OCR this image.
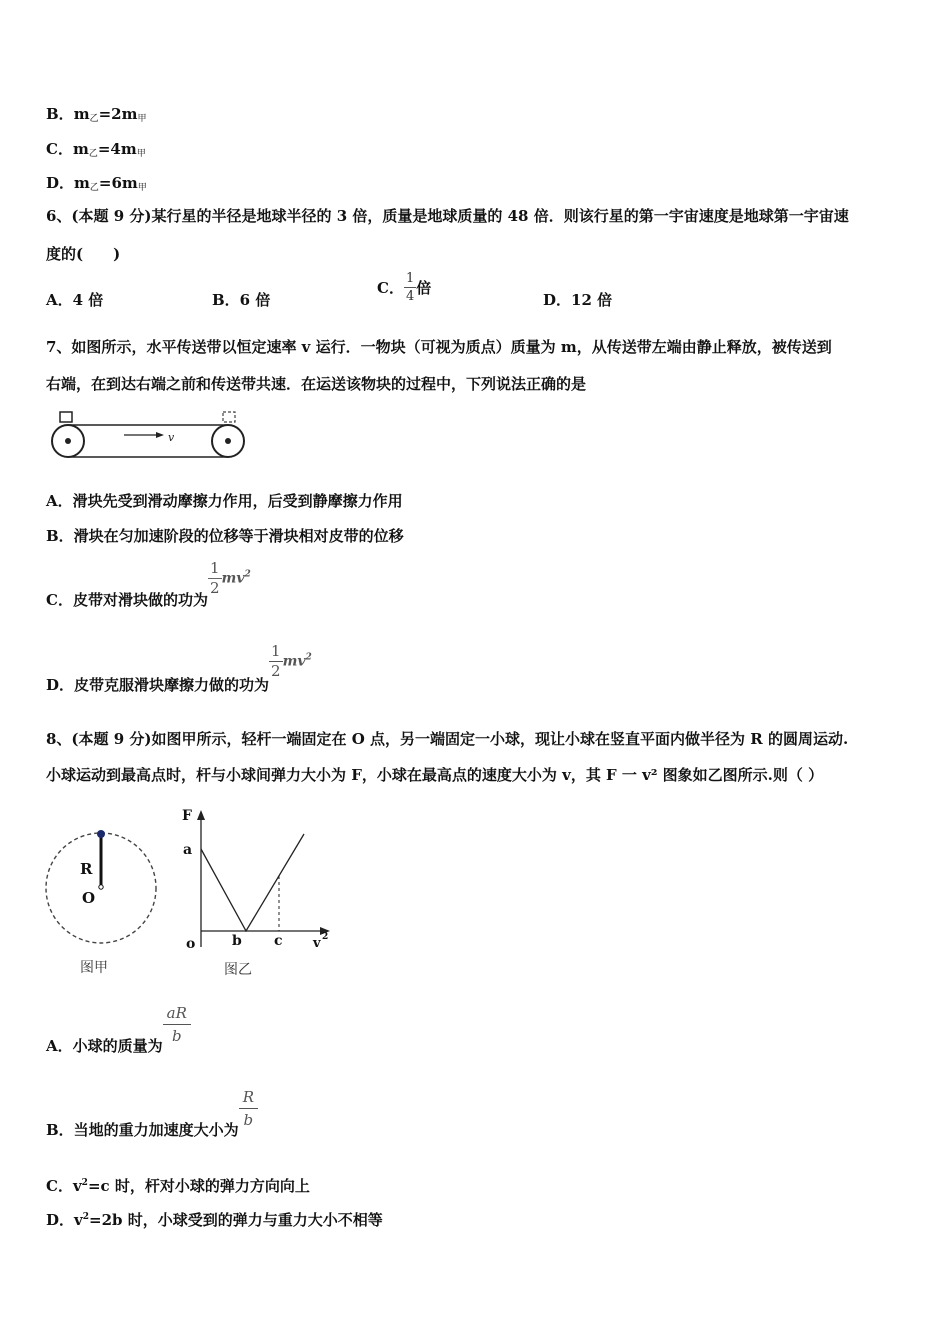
B．$m_乙=2m_甲$
C．$m_乙=4m_甲$
D．$m_乙=6m_甲$
6、(本题 9 分)某行星的半径是地球半径的 3 倍，质量是地球质量的 48 倍．则该行星的第一宇宙速度是地球第一宇宙速
度的(　　)
A．4 倍	B．6 倍
C． $\frac{1}{4}$ 倍
D．12 倍
7、如图所示，水平传送带以恒定速率 v 运行．一物块（可视为质点）质量为 m，从传送带左端由静止释放，被传送到
右端，在到达右端之前和传送带共速．在运送该物块的过程中，下列说法正确的是
v
A．滑块先受到滑动摩擦力作用，后受到静摩擦力作用
B．滑块在匀加速阶段的位移等于滑块相对皮带的位移
C．皮带对滑块做的功为
$\frac{1}{2} mv^2$
D．皮带克服滑块摩擦力做的功为
$\frac{1}{2} mv^2$
8、(本题 9 分)如图甲所示，轻杆一端固定在 O 点，另一端固定一小球，现让小球在竖直平面内做半径为 R 的圆周运动.
小球运动到最高点时，杆与小球间弹力大小为 F，小球在最高点的速度大小为 v，其 F 一 v² 图象如乙图所示.则（ ）
R
O
图甲
F
a
o	b c v 2
图乙
A．小球的质量为
$\frac{aR}{b}$
B．当地的重力加速度大小为
$\frac{R}{b}$
C．$v^2=c$ 时，杆对小球的弹力方向向上
D．$v^2=2b$ 时，小球受到的弹力与重力大小不相等
